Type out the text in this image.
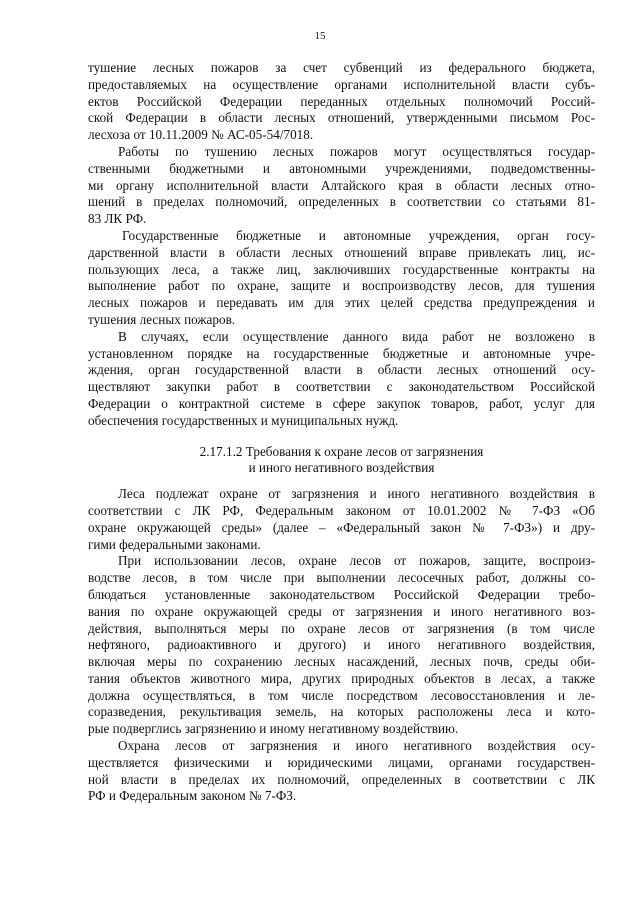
15
тушение лесных пожаров за счет субвенций из федерального бюджета,
предоставляемых на осуществление органами исполнительной власти субъ-
ектов Российской Федерации переданных отдельных полномочий Россий-
ской Федерации в области лесных отношений, утвержденными письмом Рос-
лесхоза от 10.11.2009 № АС-05-54/7018.
Работы по тушению лесных пожаров могут осуществляться государ-
ственными бюджетными и автономными учреждениями, подведомственны-
ми органу исполнительной власти Алтайского края в области лесных отно-
шений в пределах полномочий, определенных в соответствии со статьями 81-
83 ЛК РФ.
Государственные бюджетные и автономные учреждения, орган госу-
дарственной власти в области лесных отношений вправе привлекать лиц, ис-
пользующих леса, а также лиц, заключивших государственные контракты на
выполнение работ по охране, защите и воспроизводству лесов, для тушения
лесных пожаров и передавать им для этих целей средства предупреждения и
тушения лесных пожаров.
В случаях, если осуществление данного вида работ не возложено в
установленном порядке на государственные бюджетные и автономные учре-
ждения, орган государственной власти в области лесных отношений осу-
ществляют закупки работ в соответствии с законодательством Российской
Федерации о контрактной системе в сфере закупок товаров, работ, услуг для
обеспечения государственных и муниципальных нужд.
2.17.1.2 Требования к охране лесов от загрязнения
и иного негативного воздействия
Леса подлежат охране от загрязнения и иного негативного воздействия в
соответствии с ЛК РФ, Федеральным законом от 10.01.2002 № 7-ФЗ «Об
охране окружающей среды» (далее – «Федеральный закон № 7-ФЗ») и дру-
гими федеральными законами.
При использовании лесов, охране лесов от пожаров, защите, воспроиз-
водстве лесов, в том числе при выполнении лесосечных работ, должны со-
блюдаться установленные законодательством Российской Федерации требо-
вания по охране окружающей среды от загрязнения и иного негативного воз-
действия, выполняться меры по охране лесов от загрязнения (в том числе
нефтяного, радиоактивного и другого) и иного негативного воздействия,
включая меры по сохранению лесных насаждений, лесных почв, среды оби-
тания объектов животного мира, других природных объектов в лесах, а также
должна осуществляться, в том числе посредством лесовосстановления и ле-
соразведения, рекультивация земель, на которых расположены леса и кото-
рые подверглись загрязнению и иному негативному воздействию.
Охрана лесов от загрязнения и иного негативного воздействия осу-
ществляется физическими и юридическими лицами, органами государствен-
ной власти в пределах их полномочий, определенных в соответствии с ЛК
РФ и Федеральным законом № 7-ФЗ.
